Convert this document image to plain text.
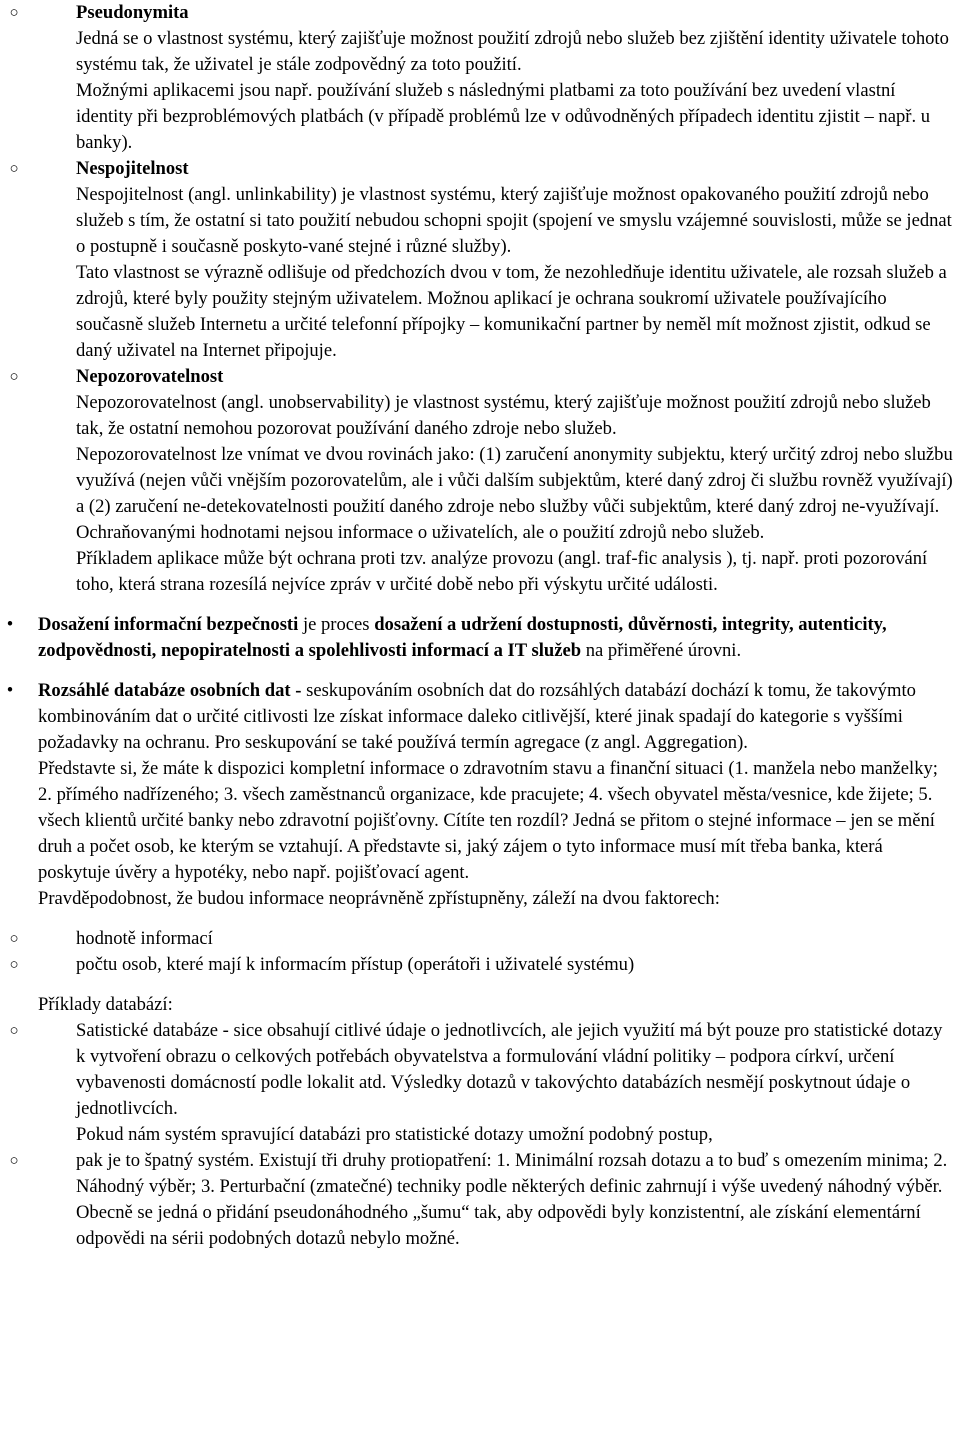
○	Pseudonymita
Jedná se o vlastnost systému, který zajišťuje možnost použití zdrojů nebo služeb bez zjištění identity uživatele tohoto systému tak, že uživatel je stále zodpovědný za toto použití.
Možnými aplikacemi jsou např. používání služeb s následnými platbami za toto používání bez uvedení vlastní identity při bezproblémových platbách (v případě problémů lze v odůvodněných případech identitu zjistit – např. u banky).
○	Nespojitelnost
Nespojitelnost (angl. unlinkability) je vlastnost systému, který zajišťuje možnost opakovaného použití zdrojů nebo služeb s tím, že ostatní si tato použití nebudou schopni spojit (spojení ve smyslu vzájemné souvislosti, může se jednat o postupně i současně poskyto-vané stejné i různé služby).
Tato vlastnost se výrazně odlišuje od předchozích dvou v tom, že nezohledňuje identitu uživatele, ale rozsah služeb a zdrojů, které byly použity stejným uživatelem. Možnou aplikací je ochrana soukromí uživatele používajícího současně služeb Internetu a určité telefonní přípojky – komunikační partner by neměl mít možnost zjistit, odkud se daný uživatel na Internet připojuje.
○	Nepozorovatelnost
Nepozorovatelnost (angl. unobservability) je vlastnost systému, který zajišťuje možnost použití zdrojů nebo služeb tak, že ostatní nemohou pozorovat používání daného zdroje nebo služeb.
Nepozorovatelnost lze vnímat ve dvou rovinách jako: (1) zaručení anonymity subjektu, který určitý zdroj nebo službu využívá (nejen vůči vnějším pozorovatelům, ale i vůči dalším subjektům, které daný zdroj či službu rovněž využívají) a (2) zaručení ne-detekovatelnosti použití daného zdroje nebo služby vůči subjektům, které daný zdroj ne-využívají.
Ochraňovanými hodnotami nejsou informace o uživatelích, ale o použití zdrojů nebo služeb.
Příkladem aplikace může být ochrana proti tzv. analýze provozu (angl. traf-fic analysis ), tj. např. proti pozorování toho, která strana rozesílá nejvíce zpráv v určité době nebo při výskytu určité události.
•	Dosažení informační bezpečnosti je proces dosažení a udržení dostupnosti, důvěrnosti, integrity, autenticity, zodpovědnosti, nepopiratelnosti a spolehlivosti informací a IT služeb na přiměřené úrovni.
•	Rozsáhlé databáze osobních dat - seskupováním osobních dat do rozsáhlých databází dochází k tomu, že takovýmto kombinováním dat o určité citlivosti lze získat informace daleko citlivější, které jinak spadají do kategorie s vyššími požadavky na ochranu. Pro seskupování se také používá termín agregace (z angl. Aggregation).
Představte si, že máte k dispozici kompletní informace o zdravotním stavu a finanční situaci (1. manžela nebo manželky; 2. přímého nadřízeného; 3. všech zaměstnanců organizace, kde pracujete; 4. všech obyvatel města/vesnice, kde žijete; 5. všech klientů určité banky nebo zdravotní pojišťovny. Cítíte ten rozdíl? Jedná se přitom o stejné informace – jen se mění druh a počet osob, ke kterým se vztahují. A představte si, jaký zájem o tyto informace musí mít třeba banka, která poskytuje úvěry a hypotéky, nebo např. pojišťovací agent.
Pravděpodobnost, že budou informace neoprávněně zpřístupněny, záleží na dvou faktorech:
○	hodnotě informací
○	počtu osob, které mají k informacím přístup (operátoři i uživatelé systému)
Příklady databází:
○	Satistické databáze - sice obsahují citlivé údaje o jednotlivcích, ale jejich využití má být pouze pro statistické dotazy k vytvoření obrazu o celkových potřebách obyvatelstva a formulování vládní politiky – podpora církví, určení vybavenosti domácností podle lokalit atd. Výsledky dotazů v takovýchto databázích nesmějí poskytnout údaje o jednotlivcích.
Pokud nám systém spravující databázi pro statistické dotazy umožní podobný postup,
○	pak je to špatný systém. Existují tři druhy protiopatření: 1. Minimální rozsah dotazu a to buď s omezením minima; 2. Náhodný výběr; 3. Perturbační (zmatečné) techniky podle některých definic zahrnují i výše uvedený náhodný výběr. Obecně se jedná o přidání pseudonáhodného „šumu“ tak, aby odpovědi byly konzistentní, ale získání elementární odpovědi na sérii podobných dotazů nebylo možné.
